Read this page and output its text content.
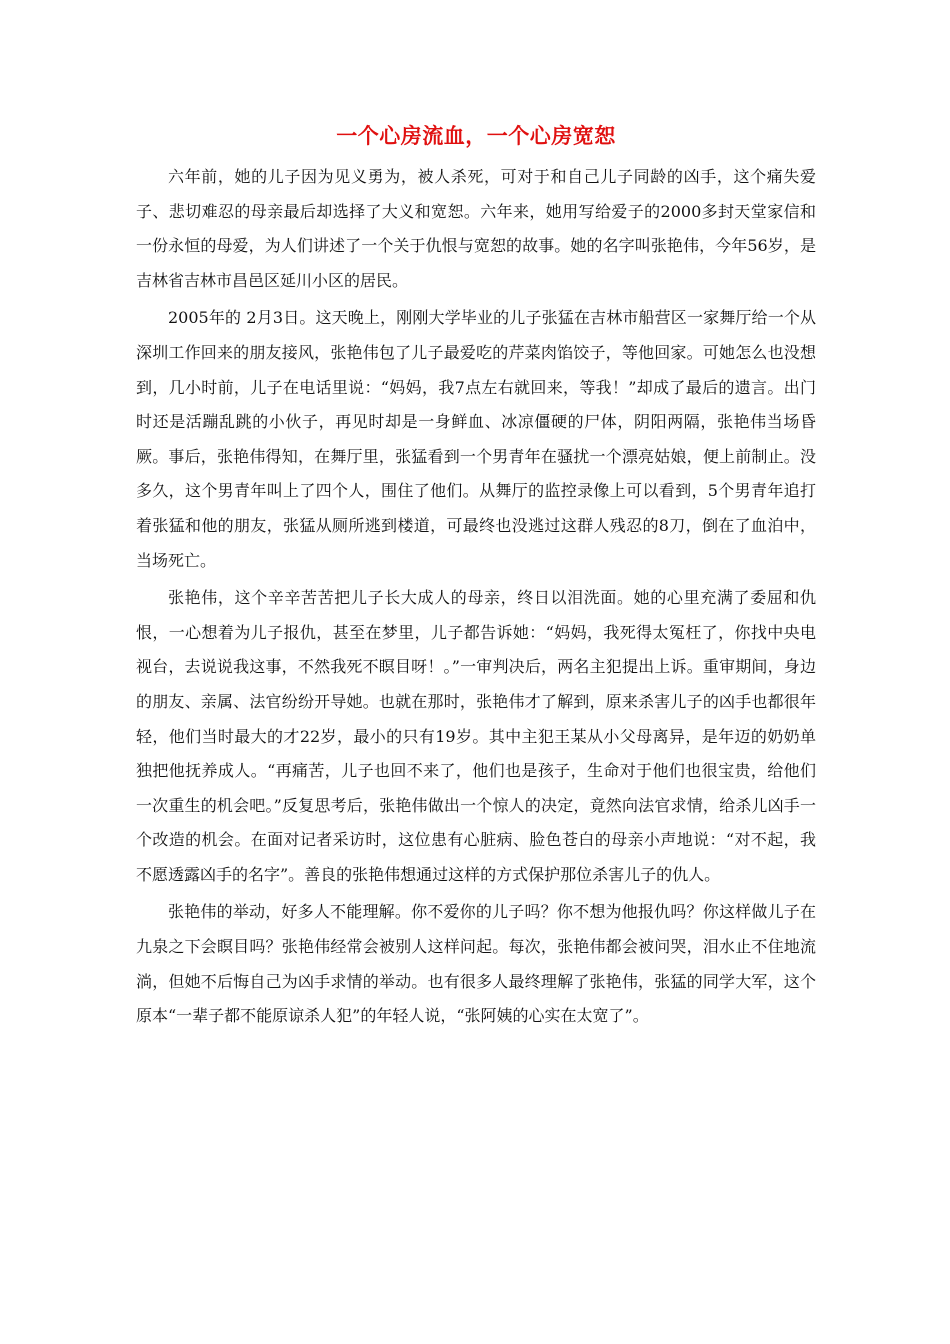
一个心房流血，一个心房宽恕

六年前，她的儿子因为见义勇为，被人杀死，可对于和自己儿子同龄的凶手，这个痛失爱子、悲切难忍的母亲最后却选择了大义和宽恕。六年来，她用写给爱子的2000多封天堂家信和一份永恒的母爱，为人们讲述了一个关于仇恨与宽恕的故事。她的名字叫张艳伟，今年56岁，是吉林省吉林市昌邑区延川小区的居民。

2005年的 2月3日。这天晚上，刚刚大学毕业的儿子张猛在吉林市船营区一家舞厅给一个从深圳工作回来的朋友接风，张艳伟包了儿子最爱吃的芹菜肉馅饺子，等他回家。可她怎么也没想到，几小时前，儿子在电话里说：“妈妈，我7点左右就回来，等我！”却成了最后的遗言。出门时还是活蹦乱跳的小伙子，再见时却是一身鲜血、冰凉僵硬的尸体，阴阳两隔，张艳伟当场昏厥。事后，张艳伟得知，在舞厅里，张猛看到一个男青年在骚扰一个漂亮姑娘，便上前制止。没多久，这个男青年叫上了四个人，围住了他们。从舞厅的监控录像上可以看到，5个男青年追打着张猛和他的朋友，张猛从厕所逃到楼道，可最终也没逃过这群人残忍的8刀，倒在了血泊中，当场死亡。

张艳伟，这个辛辛苦苦把儿子长大成人的母亲，终日以泪洗面。她的心里充满了委屈和仇恨，一心想着为儿子报仇，甚至在梦里，儿子都告诉她：“妈妈，我死得太冤枉了，你找中央电视台，去说说我这事，不然我死不瞑目呀！。”一审判决后，两名主犯提出上诉。重审期间，身边的朋友、亲属、法官纷纷开导她。也就在那时，张艳伟才了解到，原来杀害儿子的凶手也都很年轻，他们当时最大的才22岁，最小的只有19岁。其中主犯王某从小父母离异，是年迈的奶奶单独把他抚养成人。“再痛苦，儿子也回不来了，他们也是孩子，生命对于他们也很宝贵，给他们一次重生的机会吧。”反复思考后，张艳伟做出一个惊人的决定，竟然向法官求情，给杀儿凶手一个改造的机会。在面对记者采访时，这位患有心脏病、脸色苍白的母亲小声地说：“对不起，我不愿透露凶手的名字”。善良的张艳伟想通过这样的方式保护那位杀害儿子的仇人。

张艳伟的举动，好多人不能理解。你不爱你的儿子吗？你不想为他报仇吗？你这样做儿子在九泉之下会瞑目吗？张艳伟经常会被别人这样问起。每次，张艳伟都会被问哭，泪水止不住地流淌，但她不后悔自己为凶手求情的举动。也有很多人最终理解了张艳伟，张猛的同学大军，这个原本“一辈子都不能原谅杀人犯”的年轻人说，“张阿姨的心实在太宽了”。
